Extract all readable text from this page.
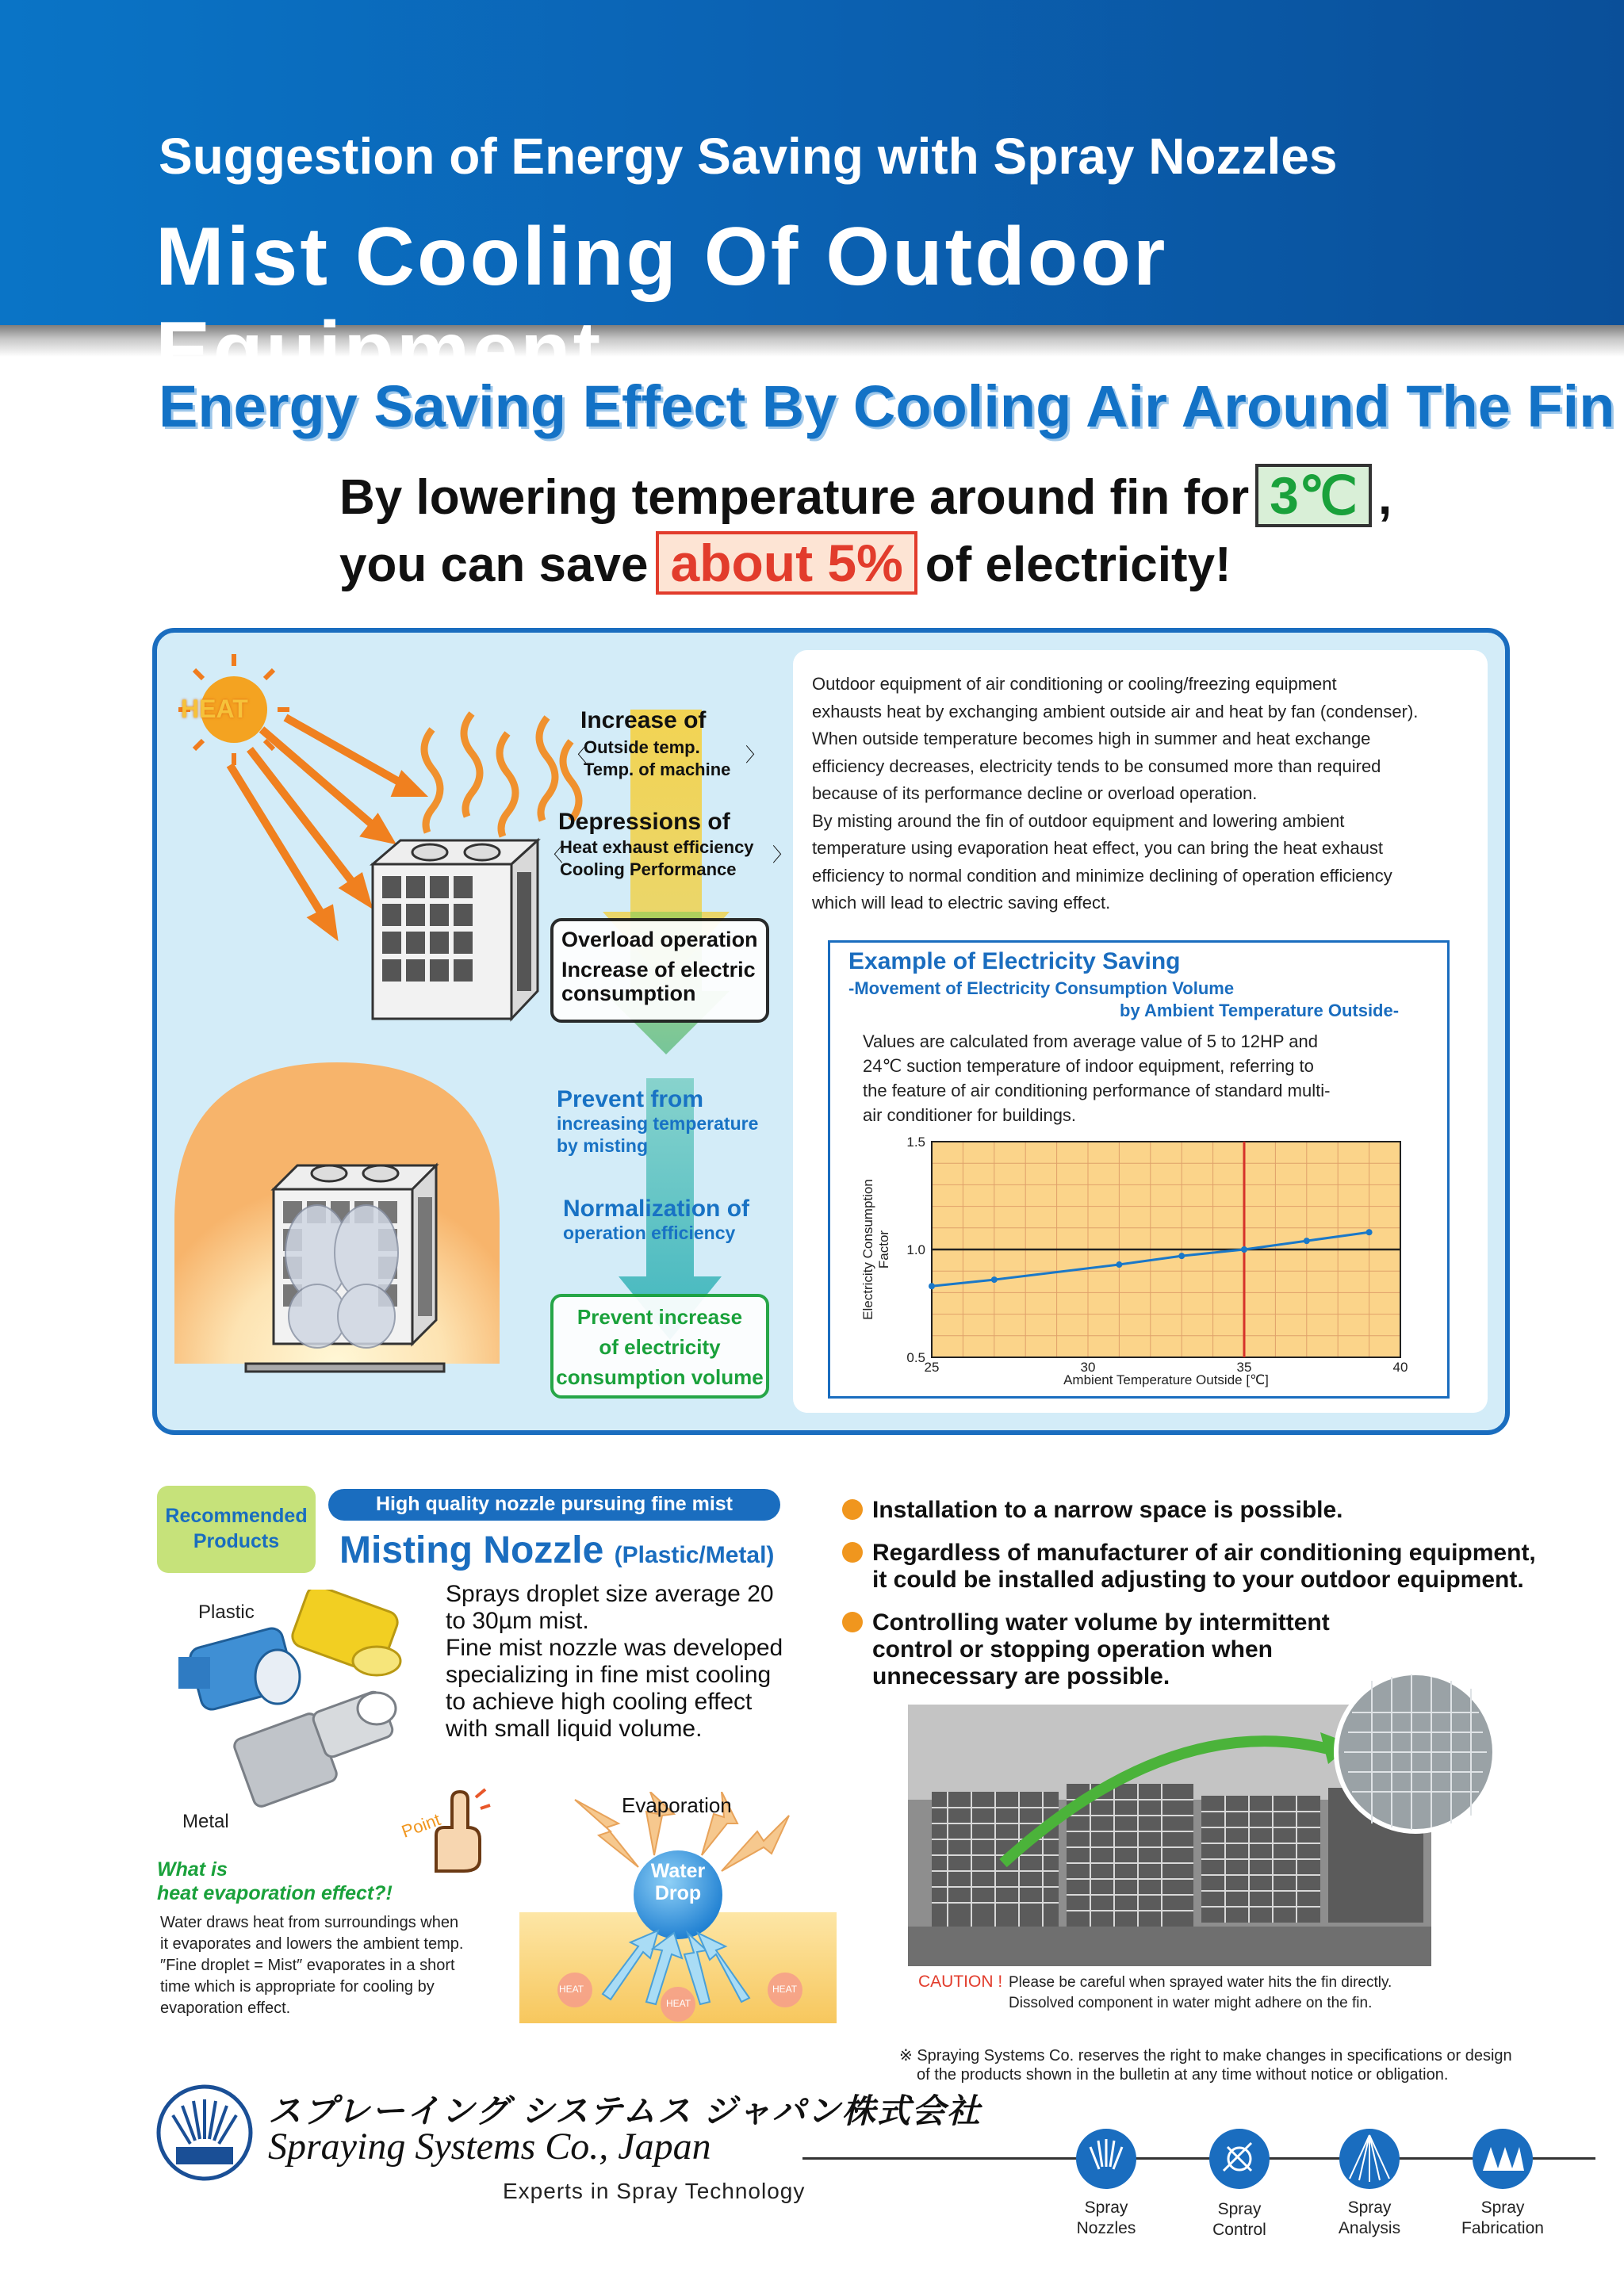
Suggestion of Energy Saving with Spray Nozzles
Mist Cooling Of Outdoor Equipment
Energy Saving Effect By Cooling Air Around The Fin
By lowering temperature around fin for 3℃ ,
you can save about 5% of electricity!
HEAT	Increase of
〈
Outside temp.
Temp. of machine
〉
Depressions of
〈
Heat exhaust efficiency
Cooling Performance
〉
Overload operation
Increase of electric
consumption
Prevent from
increasing temperature
by misting
Normalization of
operation efficiency
Prevent increase
of electricity
consumption volume
Outdoor equipment of air conditioning or cooling/freezing equipment
exhausts heat by exchanging ambient outside air and heat by fan (condenser).
When outside temperature becomes high in summer and heat exchange
efficiency decreases, electricity tends to be consumed more than required
because of its performance decline or overload operation.
By misting around the fin of outdoor equipment and lowering ambient
temperature using evaporation heat effect, you can bring the heat exhaust
efficiency to normal condition and minimize declining of operation efficiency
which will lead to electric saving effect.
Example of Electricity Saving
-Movement of Electricity Consumption Volume
by Ambient Temperature Outside-
Values are calculated from average value of 5 to 12HP and
24℃ suction temperature of indoor equipment, referring to
the feature of air conditioning performance of standard multi-
air conditioner for buildings.
25	30	35	40
1.5
1.0
0.5
Ambient Temperature Outside [℃]
Electricity ConsumptionFactor
Recommended
Products
High quality nozzle pursuing fine mist
Misting Nozzle (Plastic/Metal)
Plastic
Metal
Sprays droplet size average 20
to 30µm mist.
Fine mist nozzle was developed
specializing in fine mist cooling
to achieve high cooling effect
with small liquid volume.
Point
What is
heat evaporation effect?!
Water draws heat from surroundings when
it evaporates and lowers the ambient temp.
″Fine droplet = Mist″ evaporates in a short
time which is appropriate for cooling by
evaporation effect.
Evaporation
Water
Drop
HEAT
HEAT
HEAT
Installation to a narrow space is possible.
Regardless of manufacturer of air conditioning equipment,
it could be installed adjusting to your outdoor equipment.
Controlling water volume by intermittent
control or stopping operation when
unnecessary are possible.
CAUTION ! Please be careful when sprayed water hits the fin directly.
Dissolved component in water might adhere on the fin.
※ Spraying Systems Co. reserves the right to make changes in specifications or design
of the products shown in the bulletin at any time without notice or obligation.
スプレーイング システムス ジャパン株式会社
Spraying Systems Co., Japan
Experts in Spray Technology
Spray
Nozzles
Spray
Control
Spray
Analysis
Spray
Fabrication
